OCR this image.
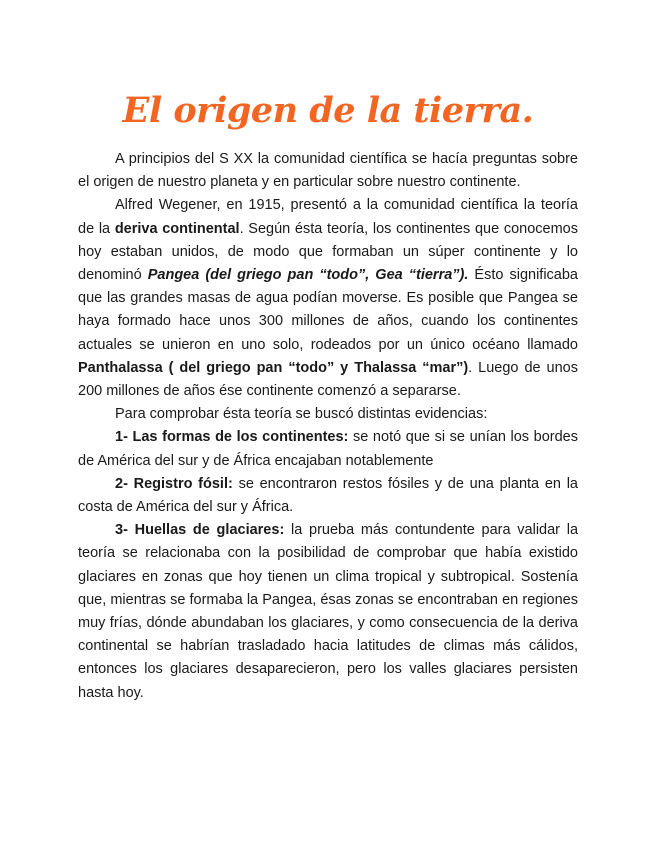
El origen de la tierra.

A principios del S XX la comunidad científica se hacía preguntas sobre el origen de nuestro planeta y en particular sobre nuestro continente.

Alfred Wegener, en 1915, presentó a la comunidad científica la teoría de la deriva continental. Según ésta teoría, los continentes que conocemos hoy estaban unidos, de modo que formaban un súper continente y lo denominó Pangea (del griego pan “todo”, Gea “tierra”). Ésto significaba que las grandes masas de agua podían moverse. Es posible que Pangea se haya formado hace unos 300 millones de años, cuando los continentes actuales se unieron en uno solo, rodeados por un único océano llamado Panthalassa ( del griego pan “todo” y Thalassa “mar”). Luego de unos 200 millones de años ése continente comenzó a separarse.

Para comprobar ésta teoría se buscó distintas evidencias:

1- Las formas de los continentes: se notó que si se unían los bordes de América del sur y de África encajaban notablemente

2- Registro fósil: se encontraron restos fósiles y de una planta en la costa de América del sur y África.

3- Huellas de glaciares: la prueba más contundente para validar la teoría se relacionaba con la posibilidad de comprobar que había existido glaciares en zonas que hoy tienen un clima tropical y subtropical. Sostenía que, mientras se formaba la Pangea, ésas zonas se encontraban en regiones muy frías, dónde abundaban los glaciares, y como consecuencia de la deriva continental se habrían trasladado hacia latitudes de climas más cálidos, entonces los glaciares desaparecieron, pero los valles glaciares persisten hasta hoy.
